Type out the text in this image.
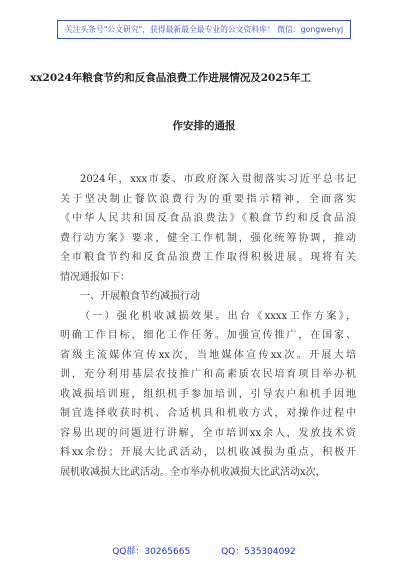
关注头条号"公文研究"，获得最新最全最专业的公文资料库！ 微信：gongwenyj

xx2024年粮食节约和反食品浪费工作进展情况及2025年工
作安排的通报

2024年，xxx市委、市政府深入贯彻落实习近平总书记
关于坚决制止餐饮浪费行为的重要指示精神，全面落实
《中华人民共和国反食品浪费法》《粮食节约和反食品浪
费行动方案》要求，健全工作机制，强化统筹协调，推动
全市粮食节约和反食品浪费工作取得积极进展。现将有关
情况通报如下：

一、开展粮食节约减损行动

（一）强化机收减损效果。出台《xxxx工作方案》，
明确工作目标，细化工作任务。加强宣传推广，在国家、
省级主流媒体宣传xx次，当地媒体宣传xx次。开展大培
训，充分利用基层农技推广和高素质农民培育项目举办机
收减损培训班，组织机手参加培训，引导农户和机手因地
制宜选择收获时机、合适机具和机收方式，对操作过程中
容易出现的问题进行讲解，全市培训xx余人，发放技术资
料xx余份；开展大比武活动，以机收减损为重点，积极开
展机收减损大比武活动。全市举办机收减损大比武活动x次，

QQ群：30265665	QQ：535304092
